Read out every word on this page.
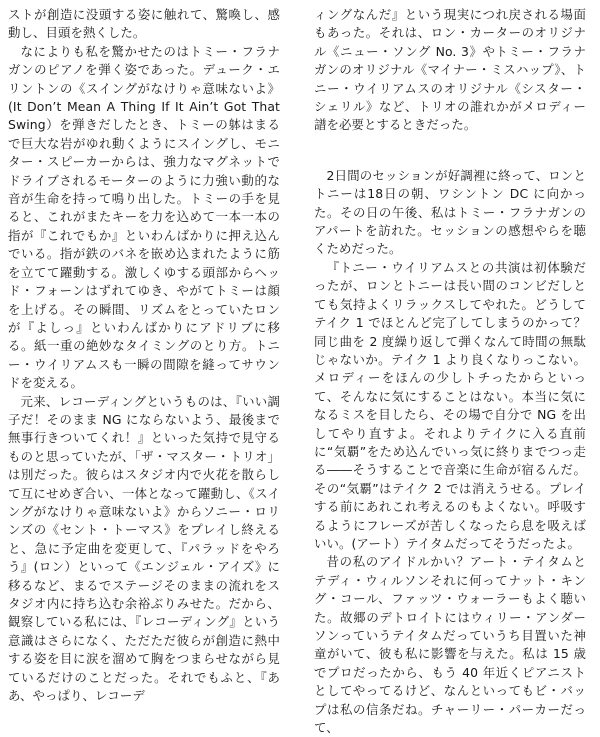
ストが創造に没頭する姿に触れて、驚喚し、感動し、目頭を熱くした。

なによりも私を驚かせたのはトミー・フラナガンのピアノを弾く姿であった。デューク・エリントンの《スイングがなけりゃ意味ないよ》(It Don’t Mean A Thing If It Ain’t Got That Swing）を弾きだしたとき、トミーの躰はまるで巨大な岩がゆれ動くようにスイングし、モニター・スピーカーからは、強力なマグネットでドライブされるモーターのように力強い動的な音が生命を持って鳴り出した。トミーの手を見ると、これがまたキーを力を込めて一本一本の指が『これでもか』といわんばかりに押え込んでいる。指が鉄のバネを嵌め込まれたように筋を立てて躍動する。激しくゆする頭部からヘッド・フォーンはずれてゆき、やがてトミーは顔を上げる。その瞬間、リズムをとっていたロンが『よしっ』といわんばかりにアドリブに移る。紙一重の絶妙なタイミングのとり方。トニー・ウイリアムスも一瞬の間隙を縫ってサウンドを変える。

元来、レコーディングというものは、『いい調子だ！そのまま NG にならないよう、最後まで無事行きついてくれ！』といった気持で見守るものと思っていたが、「ザ・マスター・トリオ」は別だった。彼らはスタジオ内で火花を散らして互にせめぎ合い、一体となって躍動し、《スイングがなけりゃ意味ないよ》からソニー・ロリンズの《セント・トーマス》をプレイし終えると、急に予定曲を変更して、『パラッドをやろう』(ロン）といって《エンジェル・アイズ》に移るなど、まるでステージそのままの流れをスタジオ内に持ち込む余裕ぶりみせた。だから、観察している私には、『レコーディング』という意識はさらになく、ただただ彼らが創造に熱中する姿を目に涙を溜めて胸をつまらせながら見ているだけのことだった。それでもふと、『ああ、やっぱり、レコーデ

ィングなんだ』という現実につれ戻される場面もあった。それは、ロン・カーターのオリジナル《ニュー・ソング No. 3》やトミー・フラナガンのオリジナル《マイナー・ミスハップ》、トニー・ウイリアムスのオリジナル《シスター・シェリル》など、トリオの誰れかがメロディー譜を必要とするときだった。

2日間のセッションが好調裡に終って、ロンとトニーは18日の朝、ワシントン DC に向かった。その日の午後、私はトミー・フラナガンのアパートを訪れた。セッションの感想やらを聴くためだった。

『トニー・ウイリアムスとの共演は初体験だったが、ロンとトニーは長い間のコンビだしとても気持よくリラックスしてやれた。どうしてテイク 1 でほとんど完了してしまうのかって？同じ曲を 2 度繰り返して弾くなんて時間の無駄じゃないか。テイク 1 より良くなりっこない。メロディーをほんの少しトチったからといって、そんなに気にすることはない。本当に気になるミスを目したら、その場で自分で NG を出してやり直すよ。それよりテイクに入る直前に“気覇”をため込んでいっ気に終りまでつっ走る――そうすることで音楽に生命が宿るんだ。その“気覇”はテイク 2 では消えうせる。プレイする前にあれこれ考えるのもよくない。呼吸するようにフレーズが苦しくなったら息を吸えばいい。(アート）テイタムだってそうだったよ。

昔の私のアイドルかい？アート・テイタムとテディ・ウィルソンそれに何ってナット・キング・コール、ファッツ・ウォーラーもよく聴いた。故郷のデトロイトにはウィリー・アンダーソンっていうテイタムだっていうち目置いた神童がいて、彼も私に影響を与えた。私は 15 歳でプロだったから、もう 40 年近くピアニストとしてやってるけど、なんといってもビ・バップは私の信条だね。チャーリー・パーカーだって、
